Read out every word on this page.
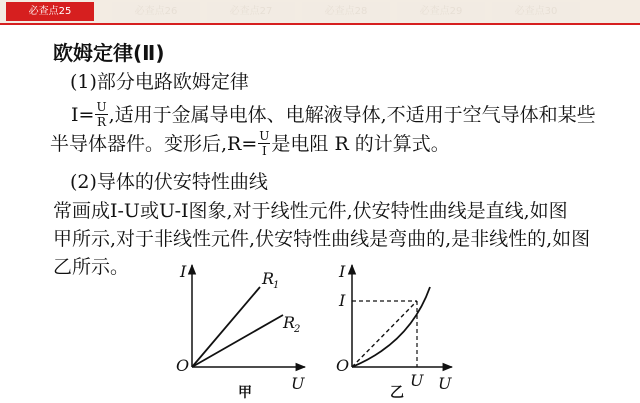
必查点25	必查点26	必查点27	必查点28	必查点29	必查点30
欧姆定律(Ⅱ)
(1)部分电路欧姆定律
$I= \frac{U}{R}$ ,适用于金属导电体、电解液导体,不适用于空气导体和某些
半导体器件。变形后$,R= \frac{U}{I}$ 是电阻 R 的计算式。
(2)导体的伏安特性曲线
常画成I-U或U-I图象,对于线性元件,伏安特性曲线是直线,如图
甲所示,对于非线性元件,伏安特性曲线是弯曲的,是非线性的,如图
乙所示。	I
U
O
R
1
R
2
甲
I
U
O
I
U
乙
